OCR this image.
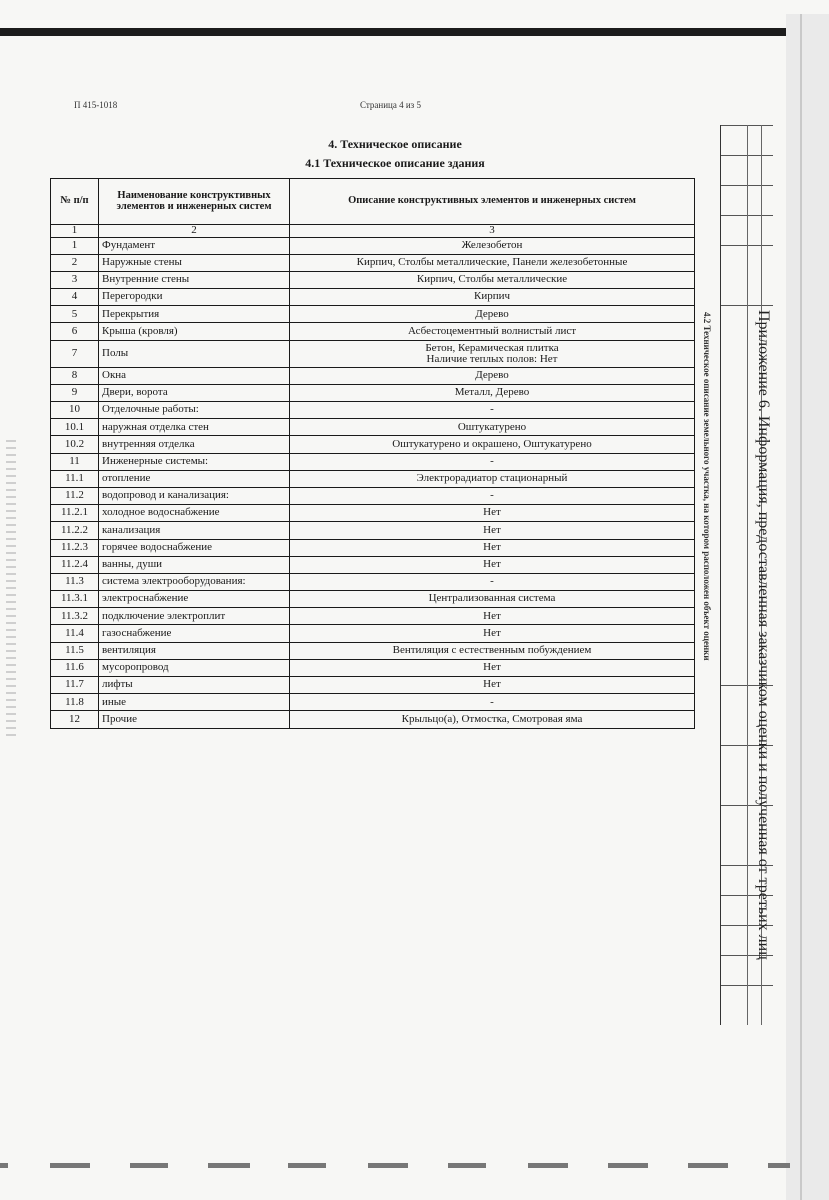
П 415-1018	Страница 4 из 5
4. Техническое описание
4.1 Техническое описание здания
№ п/п	Наименование конструктивных элементов и инженерных систем	Описание конструктивных элементов и инженерных систем
1	2	3
1	Фундамент	Железобетон
2	Наружные стены	Кирпич, Столбы металлические, Панели железобетонные
3	Внутренние стены	Кирпич, Столбы металлические
4	Перегородки	Кирпич
5	Перекрытия	Дерево
6	Крыша (кровля)	Асбестоцементный волнистый лист
7	Полы	Бетон, Керамическая плитка
Наличие теплых полов: Нет

8	Окна	Дерево
9	Двери, ворота	Металл, Дерево
10	Отделочные работы:	-
10.1	наружная отделка стен	Оштукатурено
10.2	внутренняя отделка	Оштукатурено и окрашено, Оштукатурено
11	Инженерные системы:	-
11.1	отопление	Электрорадиатор стационарный
11.2	водопровод и канализация:	-
11.2.1	холодное водоснабжение	Нет
11.2.2	канализация	Нет
11.2.3	горячее водоснабжение	Нет
11.2.4	ванны, души	Нет
11.3	система электрооборудования:	-
11.3.1	электроснабжение	Централизованная система
11.3.2	подключение электроплит	Нет
11.4	газоснабжение	Нет
11.5	вентиляция	Вентиляция с естественным побуждением
11.6	мусоропровод	Нет
11.7	лифты	Нет
11.8	иные	-
12	Прочие	Крыльцо(а), Отмостка, Смотровая яма
4.2 Техническое описание земельного участка, на котором расположен объект оценки	Приложение 6. Информация, предоставленная заказчиком оценки и полученная от третьих лиц
